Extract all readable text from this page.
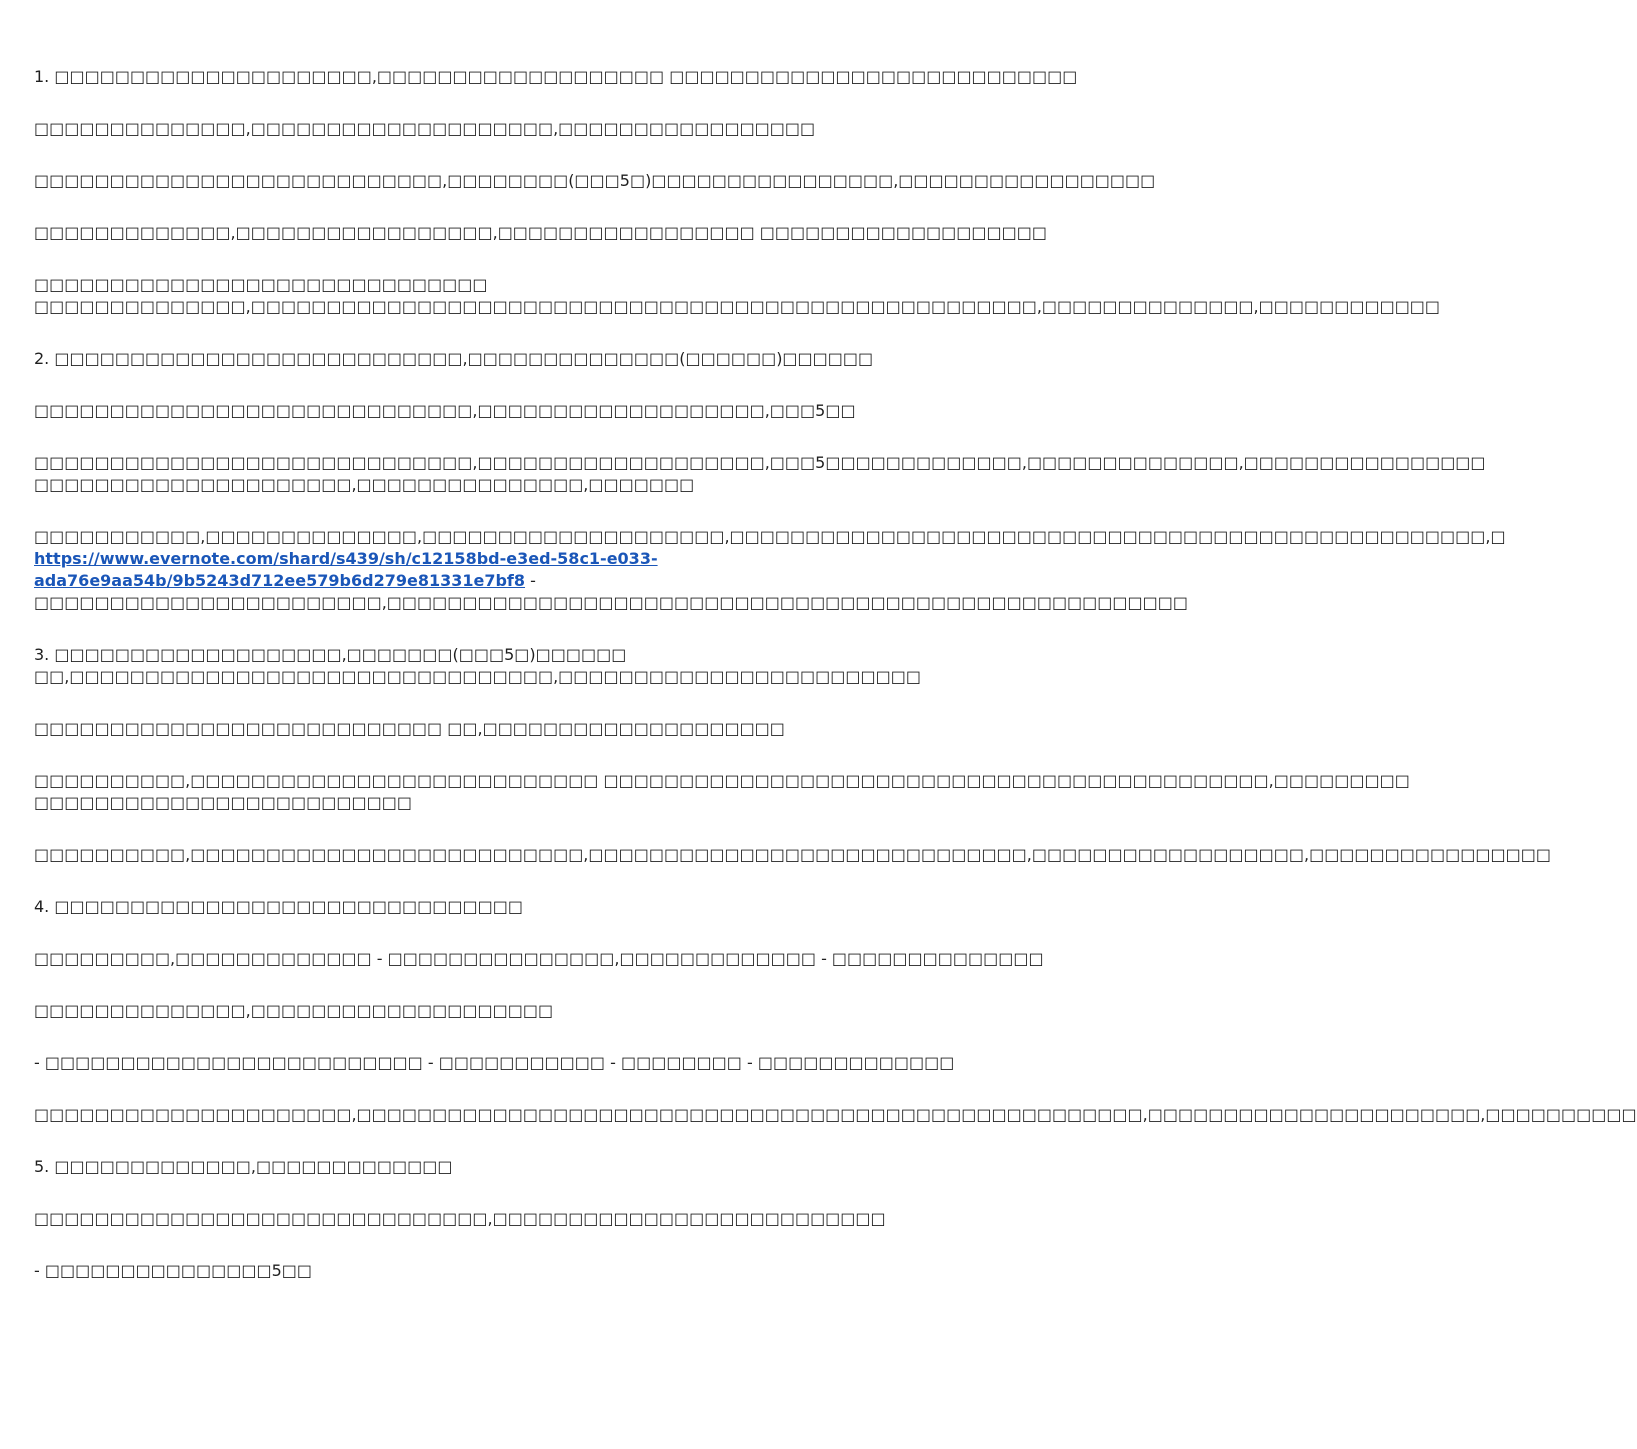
1. □□□□□□□□□□□□□□□□□□□□□,□□□□□□□□□□□□□□□□□□□ □□□□□□□□□□□□□□□□□□□□□□□□□□□

□□□□□□□□□□□□□□,□□□□□□□□□□□□□□□□□□□□,□□□□□□□□□□□□□□□□□

□□□□□□□□□□□□□□□□□□□□□□□□□□□,□□□□□□□□(□□□5□)□□□□□□□□□□□□□□□□,□□□□□□□□□□□□□□□□□

□□□□□□□□□□□□□,□□□□□□□□□□□□□□□□□,□□□□□□□□□□□□□□□□□ □□□□□□□□□□□□□□□□□□□

□□□□□□□□□□□□□□□□□□□□□□□□□□□□□□
□□□□□□□□□□□□□□,□□□□□□□□□□□□□□□□□□□□□□□□□□□□□□□□□□□□□□□□□□□□□□□□□□□□,□□□□□□□□□□□□□□,□□□□□□□□□□□□

2. □□□□□□□□□□□□□□□□□□□□□□□□□□□,□□□□□□□□□□□□□□(□□□□□□)□□□□□□

□□□□□□□□□□□□□□□□□□□□□□□□□□□□□,□□□□□□□□□□□□□□□□□□□,□□□5□□

□□□□□□□□□□□□□□□□□□□□□□□□□□□□□,□□□□□□□□□□□□□□□□□□□,□□□5□□□□□□□□□□□□□,□□□□□□□□□□□□□□,□□□□□□□□□□□□□□□□
□□□□□□□□□□□□□□□□□□□□□,□□□□□□□□□□□□□□□,□□□□□□□

□□□□□□□□□□□,□□□□□□□□□□□□□□,□□□□□□□□□□□□□□□□□□□□,□□□□□□□□□□□□□□□□□□□□□□□□□□□□□□□□□□□□□□□□□□□□□□□□□□,□
https://www.evernote.com/shard/s439/sh/c12158bd-e3ed-58c1-e033-
ada76e9aa54b/9b5243d712ee579b6d279e81331e7bf8 -
□□□□□□□□□□□□□□□□□□□□□□□,□□□□□□□□□□□□□□□□□□□□□□□□□□□□□□□□□□□□□□□□□□□□□□□□□□□□□

3. □□□□□□□□□□□□□□□□□□□,□□□□□□□(□□□5□)□□□□□□
□□,□□□□□□□□□□□□□□□□□□□□□□□□□□□□□□□□,□□□□□□□□□□□□□□□□□□□□□□□□

□□□□□□□□□□□□□□□□□□□□□□□□□□□ □□,□□□□□□□□□□□□□□□□□□□□

□□□□□□□□□□,□□□□□□□□□□□□□□□□□□□□□□□□□□□ □□□□□□□□□□□□□□□□□□□□□□□□□□□□□□□□□□□□□□□□□□□□,□□□□□□□□□
□□□□□□□□□□□□□□□□□□□□□□□□□

□□□□□□□□□□,□□□□□□□□□□□□□□□□□□□□□□□□□□,□□□□□□□□□□□□□□□□□□□□□□□□□□□□□,□□□□□□□□□□□□□□□□□□,□□□□□□□□□□□□□□□□

4. □□□□□□□□□□□□□□□□□□□□□□□□□□□□□□□

□□□□□□□□□,□□□□□□□□□□□□□ - □□□□□□□□□□□□□□□,□□□□□□□□□□□□□ - □□□□□□□□□□□□□□

□□□□□□□□□□□□□□,□□□□□□□□□□□□□□□□□□□□

- □□□□□□□□□□□□□□□□□□□□□□□□□ - □□□□□□□□□□□ - □□□□□□□□ - □□□□□□□□□□□□□

□□□□□□□□□□□□□□□□□□□□□,□□□□□□□□□□□□□□□□□□□□□□□□□□□□□□□□□□□□□□□□□□□□□□□□□□□□,□□□□□□□□□□□□□□□□□□□□□□,□□□□□□□□□□

5. □□□□□□□□□□□□□,□□□□□□□□□□□□□

□□□□□□□□□□□□□□□□□□□□□□□□□□□□□□,□□□□□□□□□□□□□□□□□□□□□□□□□□

- □□□□□□□□□□□□□□□5□□
